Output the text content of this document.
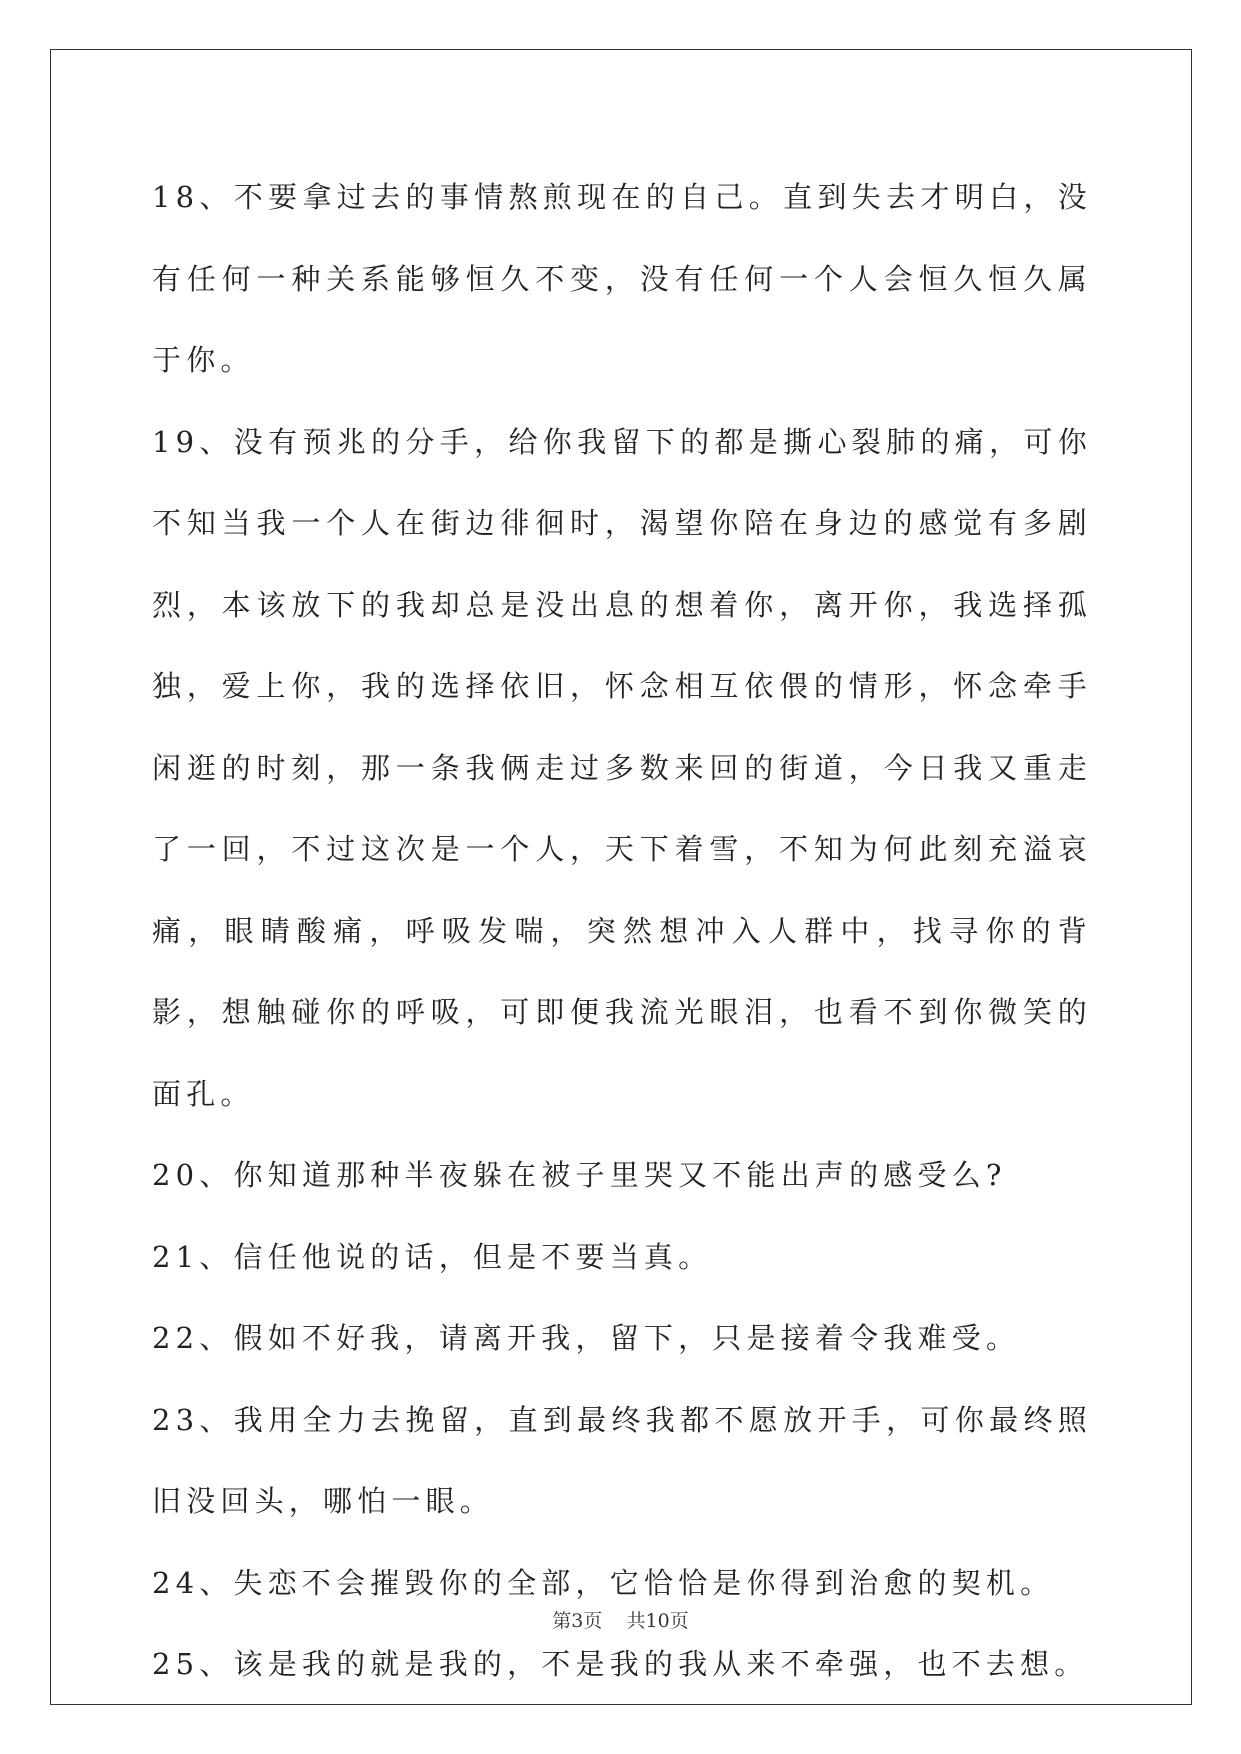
18、不要拿过去的事情熬煎现在的自己。直到失去才明白，没有任何一种关系能够恒久不变，没有任何一个人会恒久恒久属于你。

19、没有预兆的分手，给你我留下的都是撕心裂肺的痛，可你不知当我一个人在街边徘徊时，渴望你陪在身边的感觉有多剧烈，本该放下的我却总是没出息的想着你，离开你，我选择孤独，爱上你，我的选择依旧，怀念相互依偎的情形，怀念牵手闲逛的时刻，那一条我俩走过多数来回的街道，今日我又重走了一回，不过这次是一个人，天下着雪，不知为何此刻充溢哀痛，眼睛酸痛，呼吸发喘，突然想冲入人群中，找寻你的背影，想触碰你的呼吸，可即便我流光眼泪，也看不到你微笑的面孔。

20、你知道那种半夜躲在被子里哭又不能出声的感受么?

21、信任他说的话，但是不要当真。

22、假如不好我，请离开我，留下，只是接着令我难受。

23、我用全力去挽留，直到最终我都不愿放开手，可你最终照旧没回头，哪怕一眼。

24、失恋不会摧毁你的全部，它恰恰是你得到治愈的契机。

25、该是我的就是我的，不是我的我从来不牵强，也不去想。

第3页 共10页
